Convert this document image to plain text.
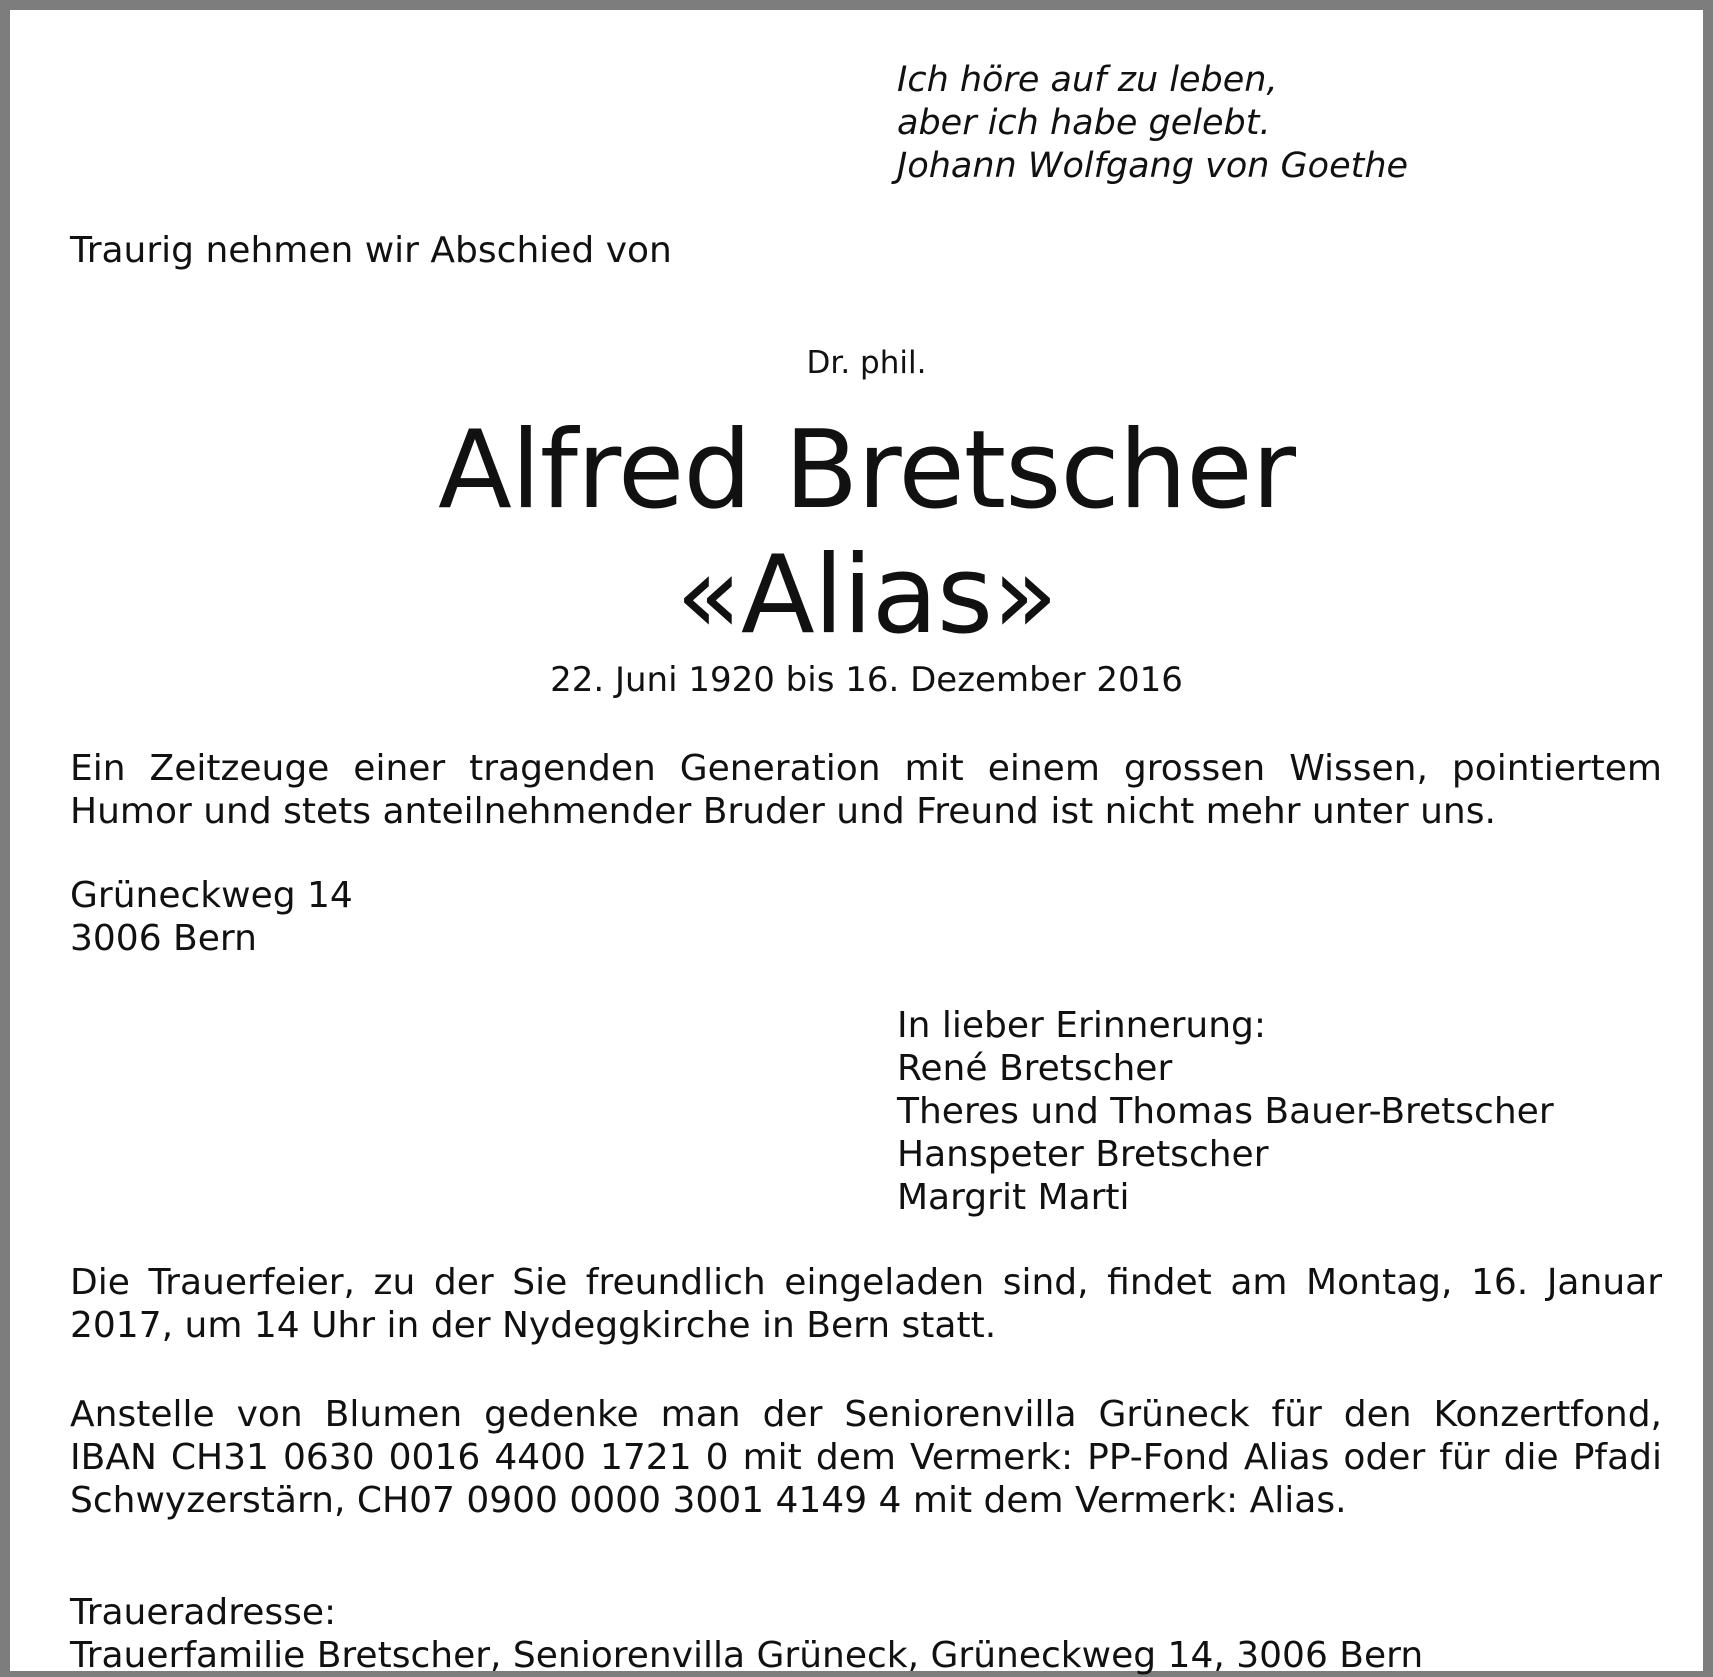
Ich höre auf zu leben,
aber ich habe gelebt.
Johann Wolfgang von Goethe
Traurig nehmen wir Abschied von
Dr. phil.
Alfred Bretscher
«Alias»
22. Juni 1920 bis 16. Dezember 2016
Ein Zeitzeuge einer tragenden Generation mit einem grossen Wissen, pointiertem
Humor und stets anteilnehmender Bruder und Freund ist nicht mehr unter uns.
Grüneckweg 14
3006 Bern
In lieber Erinnerung:
René Bretscher
Theres und Thomas Bauer-Bretscher
Hanspeter Bretscher
Margrit Marti
Die Trauerfeier, zu der Sie freundlich eingeladen sind, findet am Montag, 16. Januar
2017, um 14 Uhr in der Nydeggkirche in Bern statt.
Anstelle von Blumen gedenke man der Seniorenvilla Grüneck für den Konzertfond,
IBAN CH31 0630 0016 4400 1721 0 mit dem Vermerk: PP-Fond Alias oder für die Pfadi
Schwyzerstärn, CH07 0900 0000 3001 4149 4 mit dem Vermerk: Alias.
Traueradresse:
Trauerfamilie Bretscher, Seniorenvilla Grüneck, Grüneckweg 14, 3006 Bern
